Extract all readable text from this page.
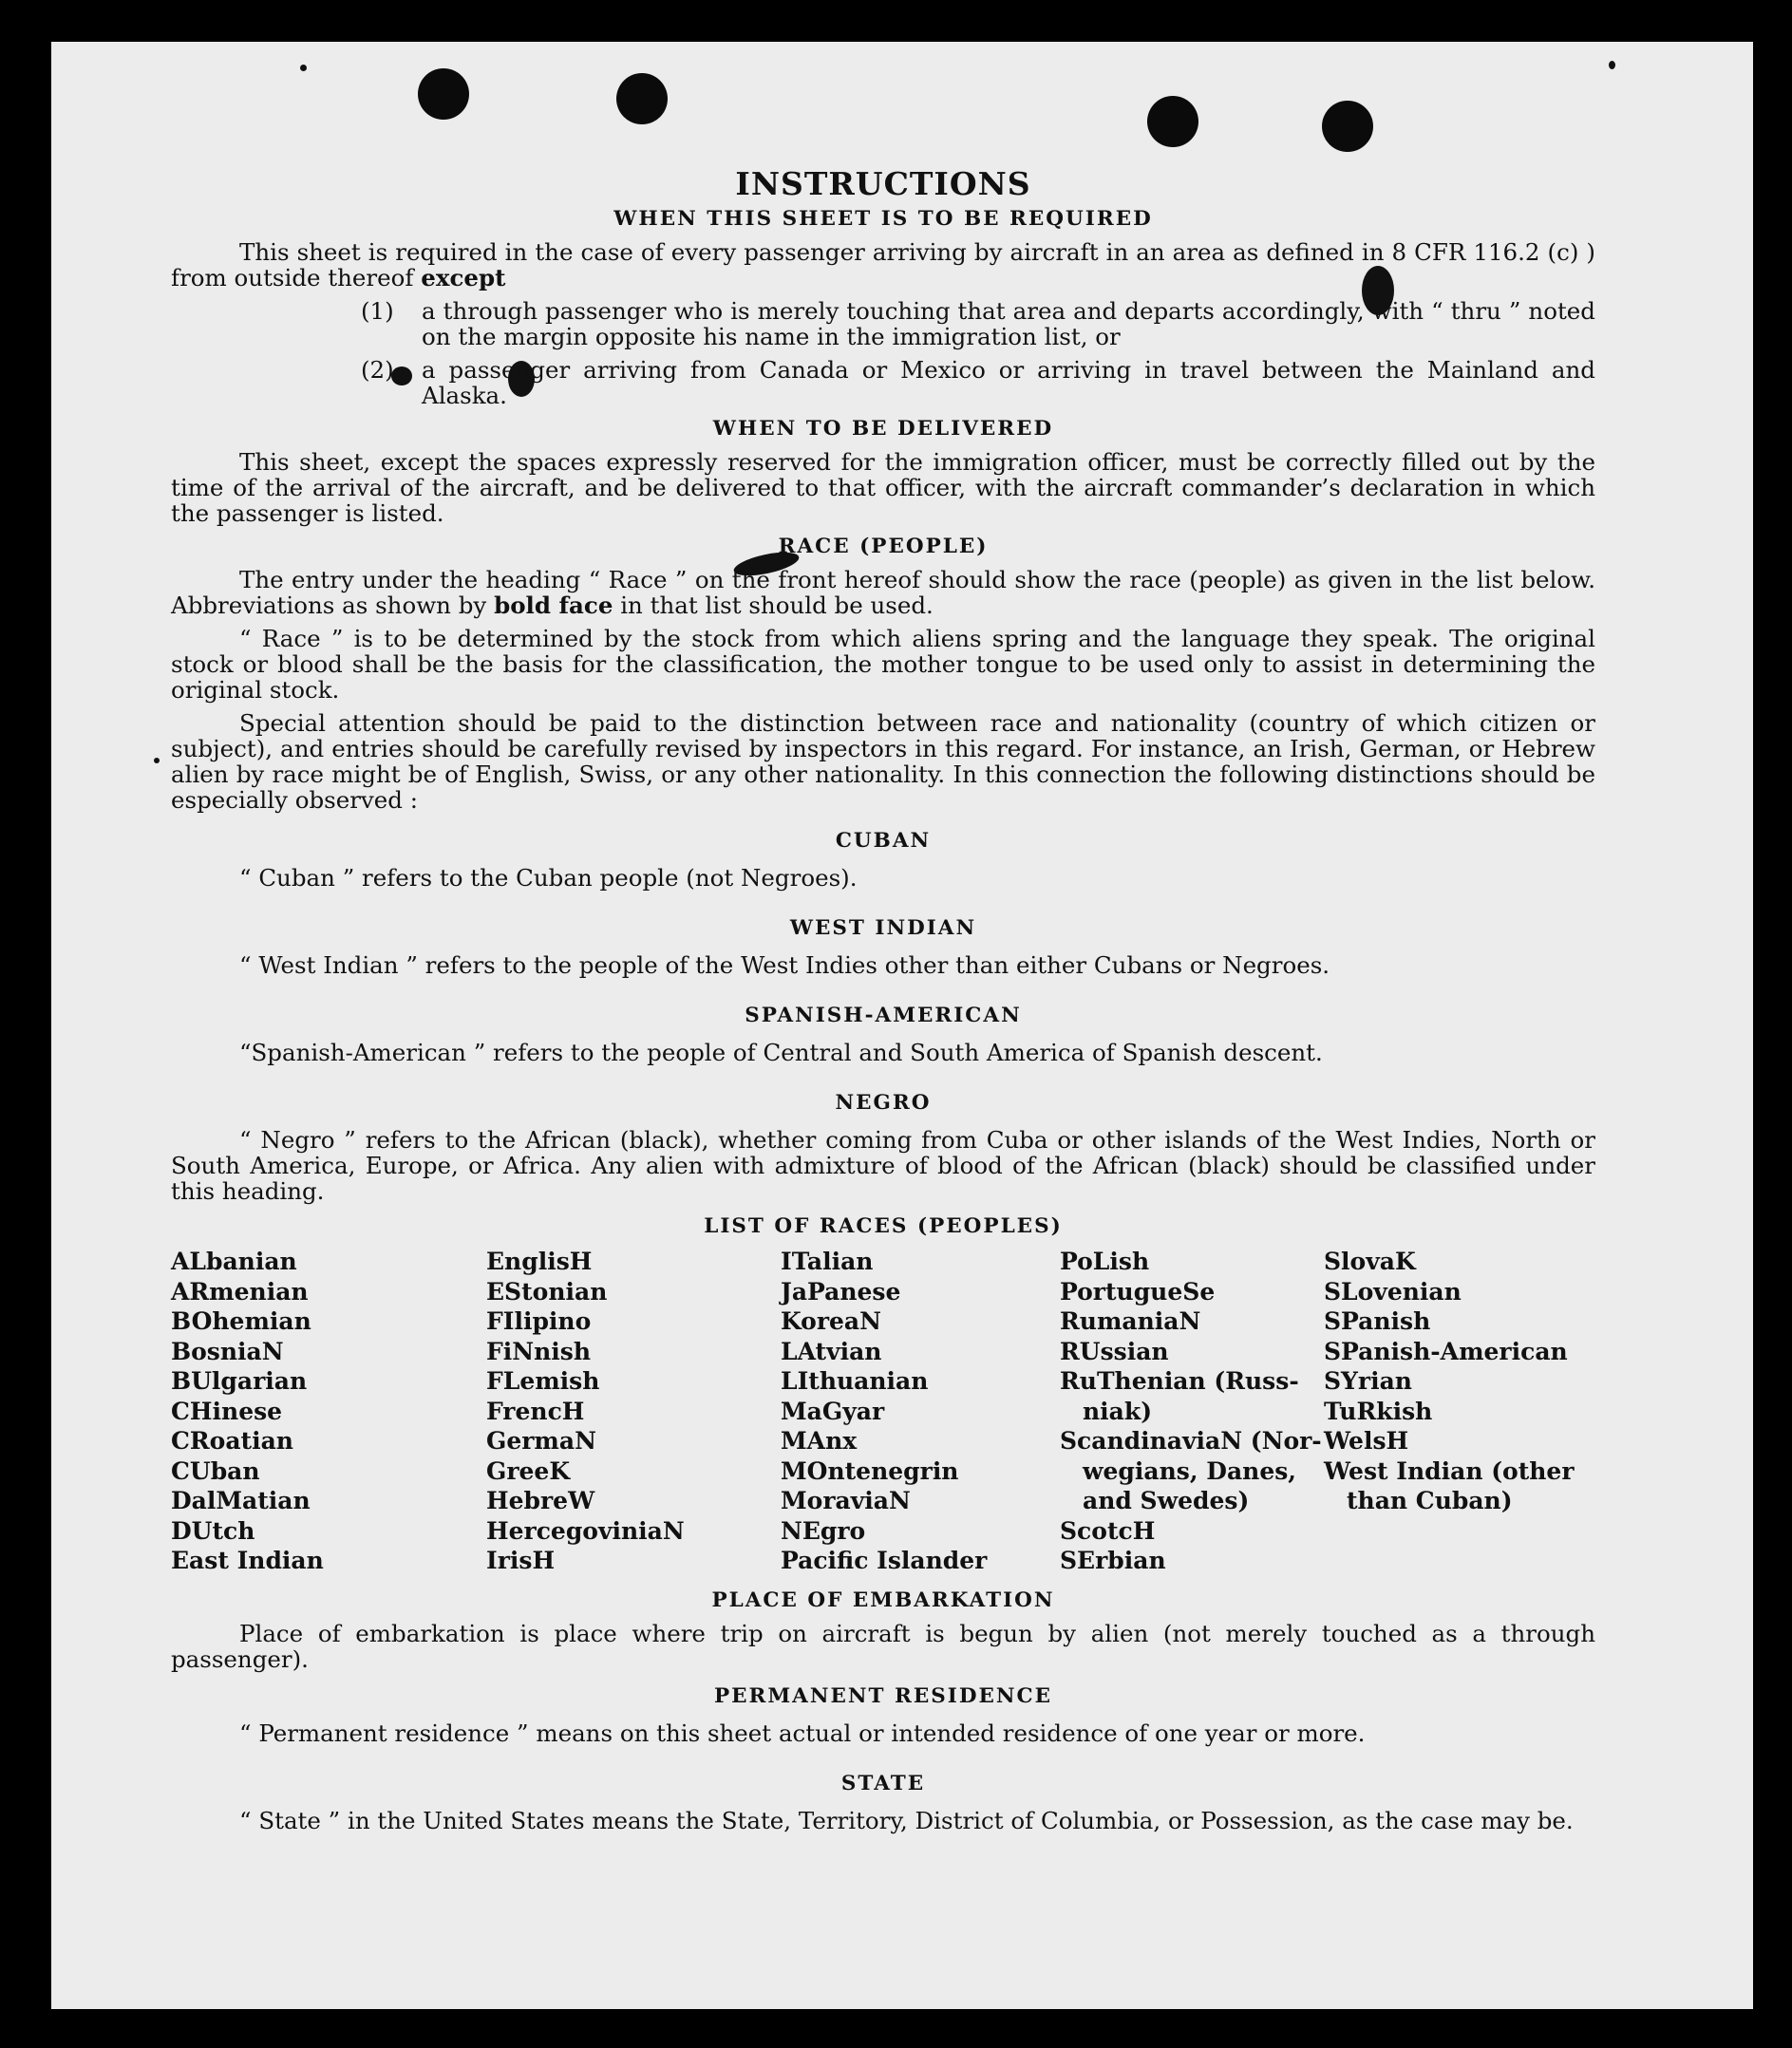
INSTRUCTIONS
WHEN THIS SHEET IS TO BE REQUIRED

This sheet is required in the case of every passenger arriving by aircraft in an area as defined in 8 CFR 116.2 (c) ) from outside thereof except

(1)	a through passenger who is merely touching that area and departs accordingly, with “ thru ” noted on the margin opposite his name in the immigration list, or
(2)	a passenger arriving from Canada or Mexico or arriving in travel between the Mainland and Alaska.
WHEN TO BE DELIVERED

This sheet, except the spaces expressly reserved for the immigration officer, must be correctly filled out by the time of the arrival of the aircraft, and be delivered to that officer, with the aircraft commander’s declaration in which the passenger is listed.

RACE (PEOPLE)

The entry under the heading “ Race ” on the front hereof should show the race (people) as given in the list below. Abbreviations as shown by bold face in that list should be used.

“ Race ” is to be determined by the stock from which aliens spring and the language they speak. The original stock or blood shall be the basis for the classification, the mother tongue to be used only to assist in determining the original stock.

Special attention should be paid to the distinction between race and nationality (country of which citizen or subject), and entries should be carefully revised by inspectors in this regard. For instance, an Irish, German, or Hebrew alien by race might be of English, Swiss, or any other nationality. In this connection the following distinctions should be especially observed :

CUBAN

“ Cuban ” refers to the Cuban people (not Negroes).

WEST INDIAN

“ West Indian ” refers to the people of the West Indies other than either Cubans or Negroes.

SPANISH-AMERICAN

“Spanish-American ” refers to the people of Central and South America of Spanish descent.

NEGRO

“ Negro ” refers to the African (black), whether coming from Cuba or other islands of the West Indies, North or South America, Europe, or Africa. Any alien with admixture of blood of the African (black) should be classified under this heading.

LIST OF RACES (PEOPLES)
ALbanian
ARmenian
BOhemian
BosniaN
BUlgarian
CHinese
CRoatian
CUban
DalMatian
DUtch
East Indian
EnglisH
EStonian
FIlipino
FiNnish
FLemish
FrencH
GermaN
GreeK
HebreW
HercegoviniaN
IrisH
ITalian
JaPanese
KoreaN
LAtvian
LIthuanian
MaGyar
MAnx
MOntenegrin
MoraviaN
NEgro
Pacific Islander
PoLish
PortugueSe
RumaniaN
RUssian
RuThenian (Russ-
niak)
ScandinaviaN (Nor-
wegians, Danes,
and Swedes)
ScotcH
SErbian
SlovaK
SLovenian
SPanish
SPanish-American
SYrian
TuRkish
WelsH
West Indian (other
than Cuban)
PLACE OF EMBARKATION

Place of embarkation is place where trip on aircraft is begun by alien (not merely touched as a through passenger).

PERMANENT RESIDENCE

“ Permanent residence ” means on this sheet actual or intended residence of one year or more.

STATE

“ State ” in the United States means the State, Territory, District of Columbia, or Possession, as the case may be.
